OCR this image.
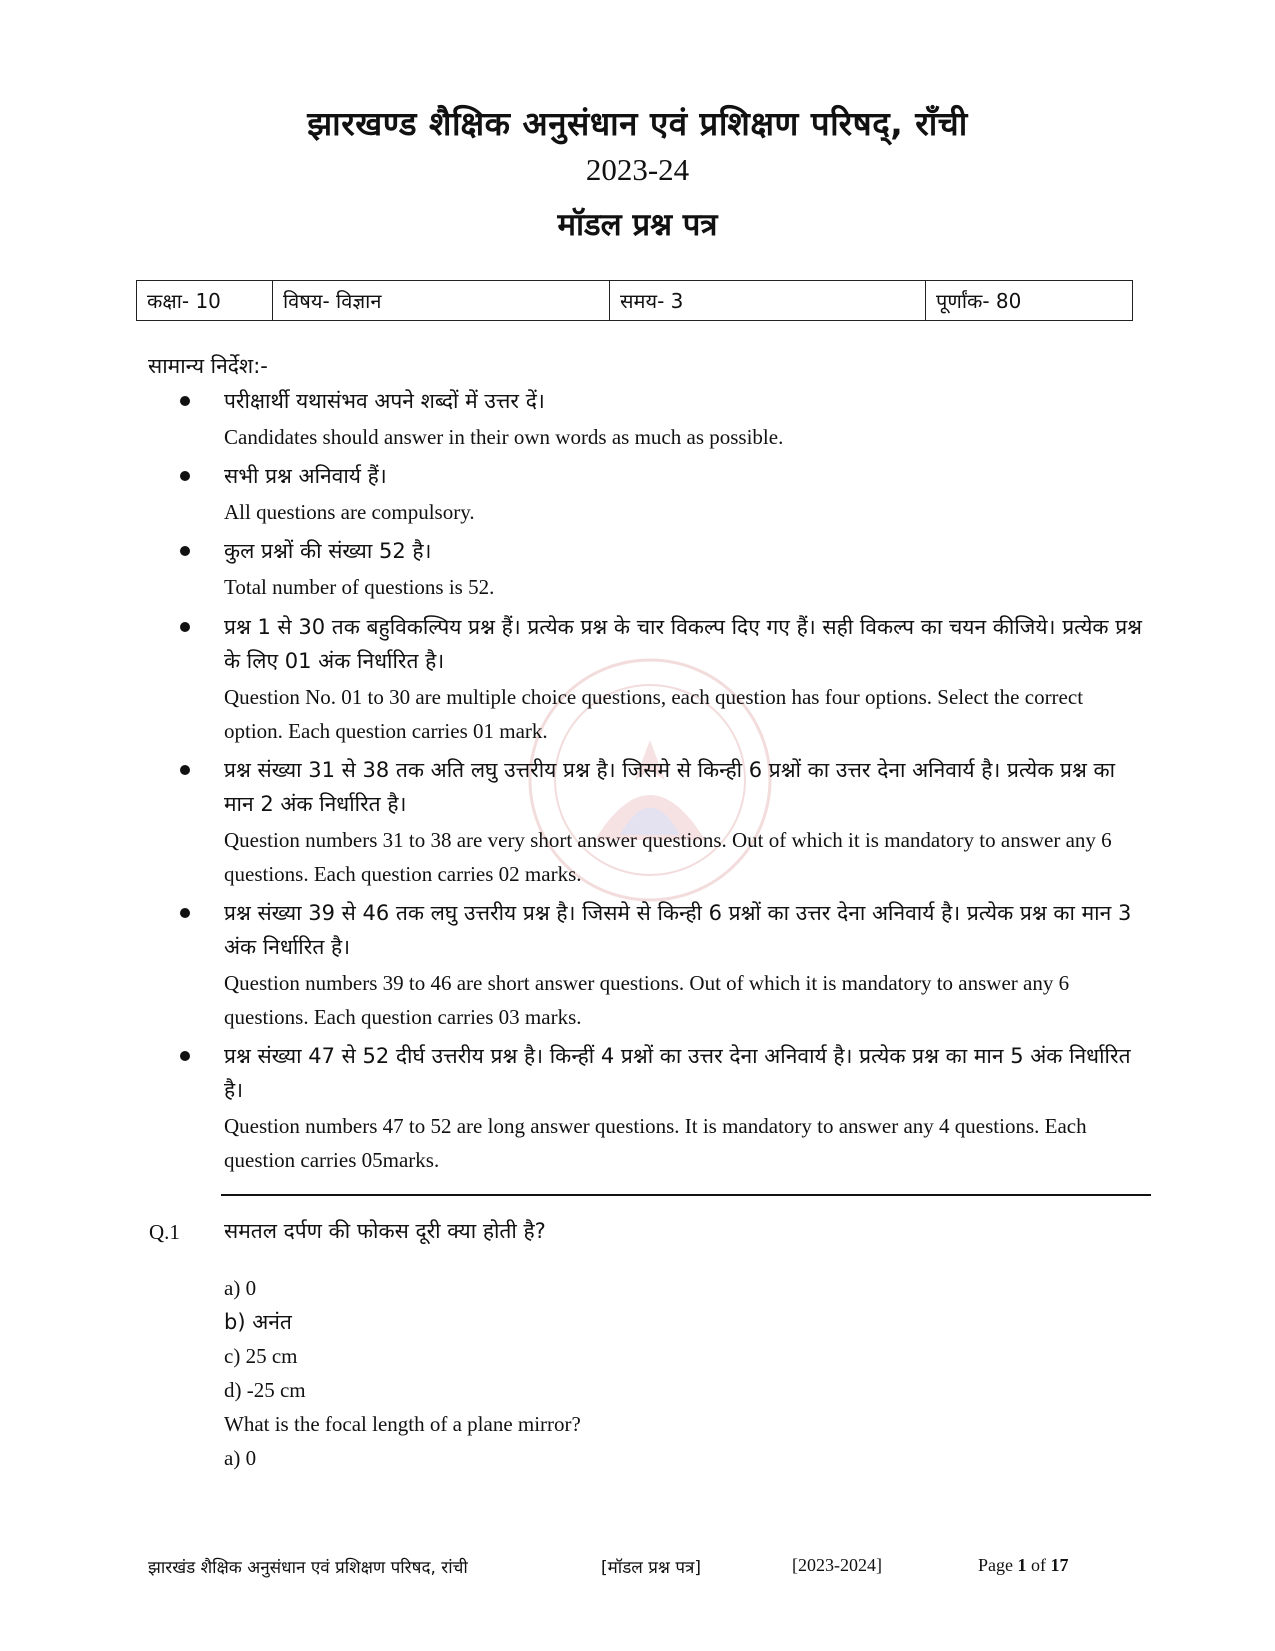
झारखण्ड शैक्षिक अनुसंधान एवं प्रशिक्षण परिषद्, राँची
2023-24
मॉडल प्रश्न पत्र
कक्षा- 10	विषय- विज्ञान	समय- 3	पूर्णांक- 80
सामान्य निर्देश:-
परीक्षार्थी यथासंभव अपने शब्दों में उत्तर दें।
Candidates should answer in their own words as much as possible.
सभी प्रश्न अनिवार्य हैं।
All questions are compulsory.
कुल प्रश्नों की संख्या 52 है।
Total number of questions is 52.
प्रश्न 1 से 30 तक बहुविकल्पिय प्रश्न हैं। प्रत्येक प्रश्न के चार विकल्प दिए गए हैं। सही विकल्प का चयन कीजिये। प्रत्येक प्रश्न के लिए 01 अंक निर्धारित है।
Question No. 01 to 30 are multiple choice questions, each question has four options. Select the correct option. Each question carries 01 mark.
प्रश्न संख्या 31 से 38 तक अति लघु उत्तरीय प्रश्न है। जिसमे से किन्ही 6 प्रश्नों का उत्तर देना अनिवार्य है। प्रत्येक प्रश्न का मान 2 अंक निर्धारित है।
Question numbers 31 to 38 are very short answer questions. Out of which it is mandatory to answer any 6 questions. Each question carries 02 marks.
प्रश्न संख्या 39 से 46 तक लघु उत्तरीय प्रश्न है। जिसमे से किन्ही 6 प्रश्नों का उत्तर देना अनिवार्य है। प्रत्येक प्रश्न का मान 3 अंक निर्धारित है।
Question numbers 39 to 46 are short answer questions. Out of which it is mandatory to answer any 6 questions. Each question carries 03 marks.
प्रश्न संख्या 47 से 52 दीर्घ उत्तरीय प्रश्न है। किन्हीं 4 प्रश्नों का उत्तर देना अनिवार्य है। प्रत्येक प्रश्न का मान 5 अंक निर्धारित है।
Question numbers 47 to 52 are long answer questions. It is mandatory to answer any 4 questions. Each question carries 05marks.
Q.1 समतल दर्पण की फोकस दूरी क्या होती है?
a) 0
b) अनंत
c) 25 cm
d) -25 cm
What is the focal length of a plane mirror?
a) 0
झारखंड शैक्षिक अनुसंधान एवं प्रशिक्षण परिषद, रांची	[मॉडल प्रश्न पत्र]	[2023-2024]	Page 1 of 17
